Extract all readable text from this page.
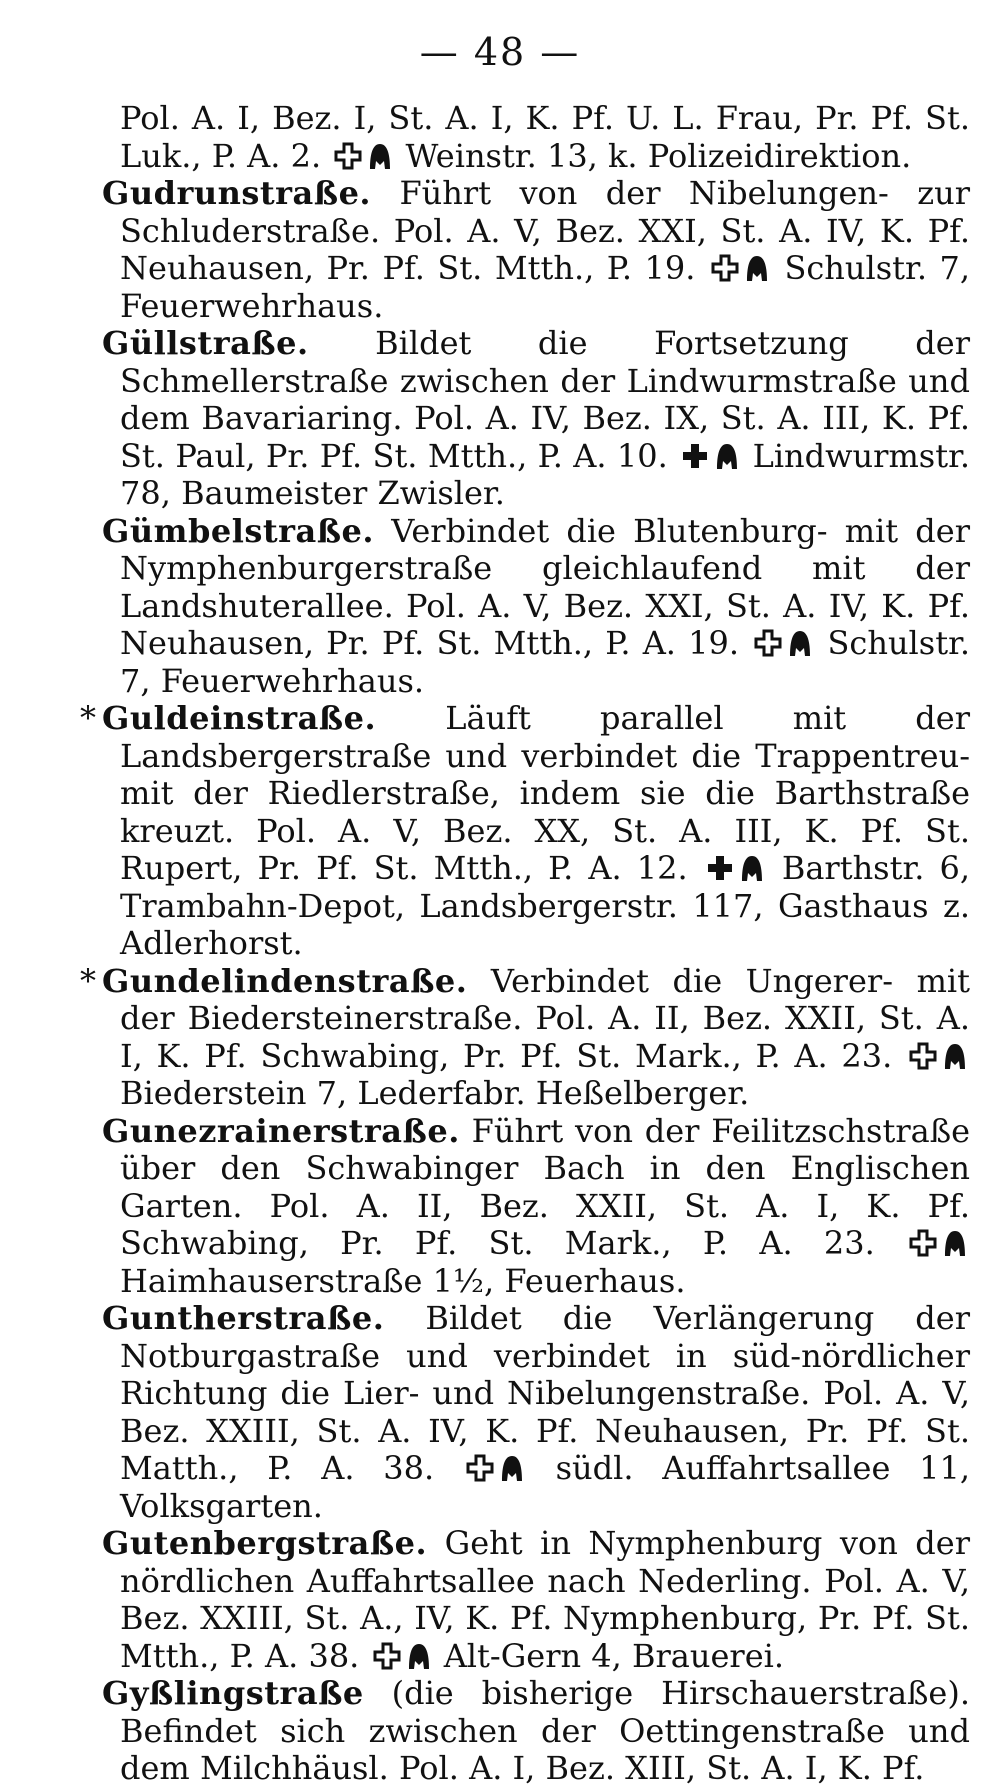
— 48 —

Pol. A. I, Bez. I, St. A. I, K. Pf. U. L. Frau, Pr. Pf. St. Luk., P. A. 2.	Weinstr. 13, k. Polizeidirektion.

Gudrunstraße. Führt von der Nibelungen- zur Schluderstraße. Pol. A. V, Bez. XXI, St. A. IV, K. Pf. Neuhausen, Pr. Pf. St. Mtth., P. 19.	Schulstr. 7, Feuerwehrhaus.

Güllstraße. Bildet die Fortsetzung der Schmellerstraße zwischen der Lindwurmstraße und dem Bavariaring. Pol. A. IV, Bez. IX, St. A. III, K. Pf. St. Paul, Pr. Pf. St. Mtth., P. A. 10.	Lindwurmstr. 78, Baumeister Zwisler.

Gümbelstraße. Verbindet die Blutenburg- mit der Nymphenburgerstraße gleichlaufend mit der Landshuterallee. Pol. A. V, Bez. XXI, St. A. IV, K. Pf. Neuhausen, Pr. Pf. St. Mtth., P. A. 19.	Schulstr. 7, Feuerwehrhaus.

* Guldeinstraße. Läuft parallel mit der Landsbergerstraße und verbindet die Trappentreu- mit der Riedlerstraße, indem sie die Barthstraße kreuzt. Pol. A. V, Bez. XX, St. A. III, K. Pf. St. Rupert, Pr. Pf. St. Mtth., P. A. 12.	Barthstr. 6, Trambahn-Depot, Landsbergerstr. 117, Gasthaus z. Adlerhorst.

* Gundelindenstraße. Verbindet die Ungerer- mit der Biedersteinerstraße. Pol. A. II, Bez. XXII, St. A. I, K. Pf. Schwabing, Pr. Pf. St. Mark., P. A. 23.
Biederstein 7, Lederfabr. Heßelberger.

Gunezrainerstraße. Führt von der Feilitzschstraße über den Schwabinger Bach in den Englischen Garten. Pol. A. II, Bez. XXII, St. A. I, K. Pf. Schwabing, Pr. Pf. St. Mark., P. A. 23.
Haimhauserstraße 1½, Feuerhaus.

Guntherstraße. Bildet die Verlängerung der Notburgastraße und verbindet in süd-nördlicher Richtung die Lier- und Nibelungenstraße. Pol. A. V, Bez. XXIII, St. A. IV, K. Pf. Neuhausen, Pr. Pf. St. Matth., P. A. 38.	südl. Auffahrtsallee 11, Volksgarten.

Gutenbergstraße. Geht in Nymphenburg von der nördlichen Auffahrtsallee nach Nederling. Pol. A. V, Bez. XXIII, St. A., IV, K. Pf. Nymphenburg, Pr. Pf. St. Mtth., P. A. 38.	Alt-Gern 4, Brauerei.

Gyßlingstraße (die bisherige Hirschauerstraße). Befindet sich zwischen der Oettingenstraße und dem Milchhäusl. Pol. A. I, Bez. XIII, St. A. I, K. Pf.
